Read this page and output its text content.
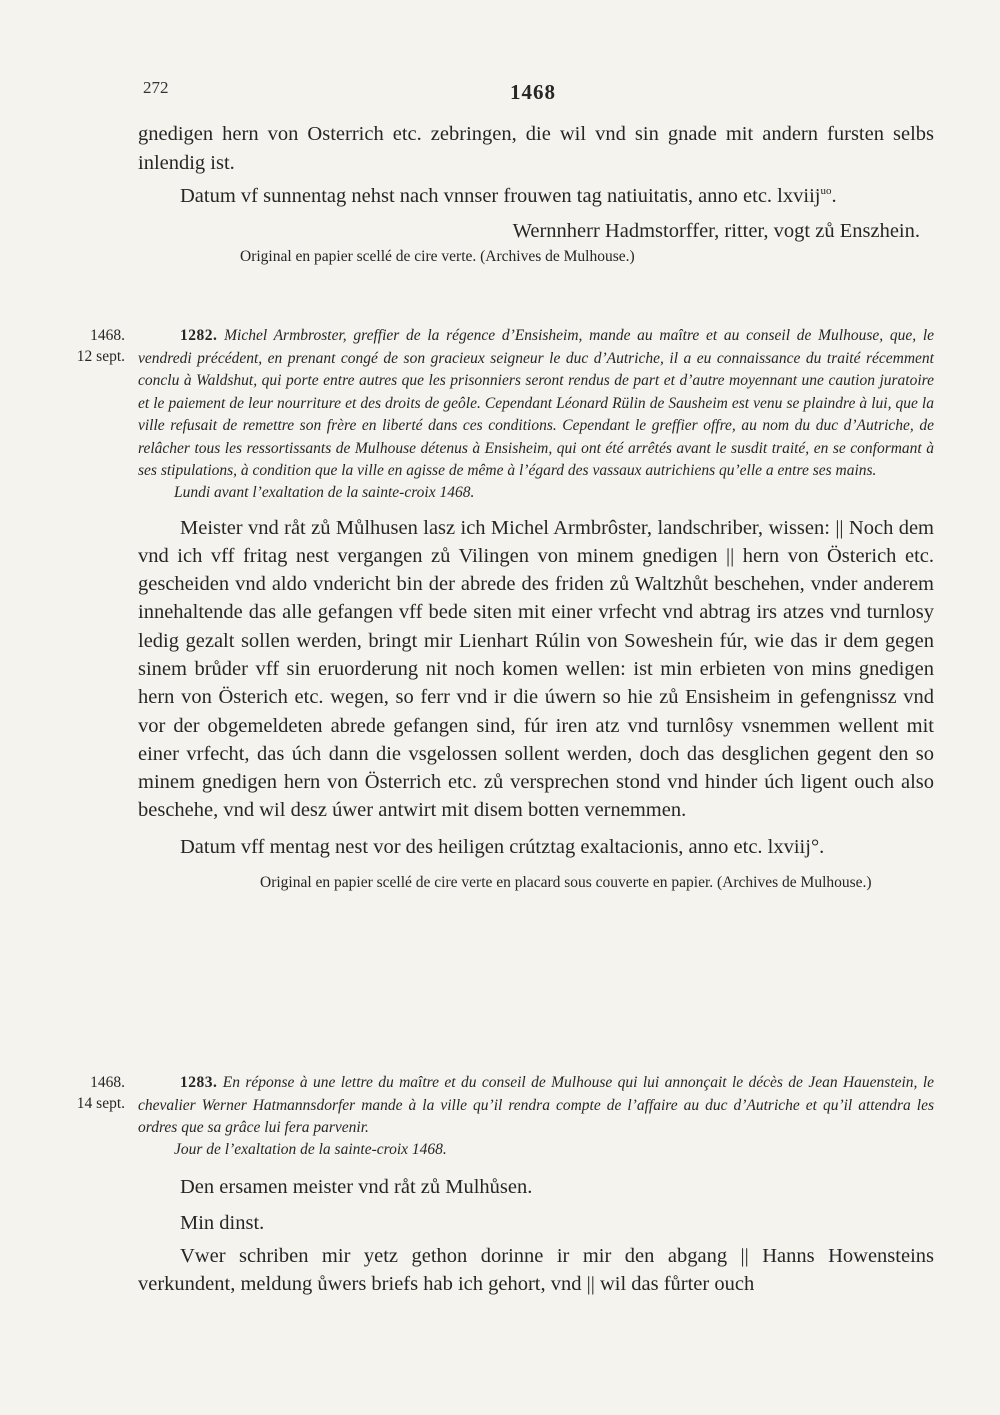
272	1468

gnedigen hern von Osterrich etc. zebringen, die wil vnd sin gnade mit andern fursten selbs inlendig ist.

Datum vf sunnentag nehst nach vnnser frouwen tag natiuitatis, anno etc. lxviij$^{uo}$.

Wernnherr Hadmstorffer, ritter, vogt zů Enszhein.

Original en papier scellé de cire verte. (Archives de Mulhouse.)

1468.
12 sept.

1282. Michel Armbroster, greffier de la régence d’Ensisheim, mande au maître et au conseil de Mulhouse, que, le vendredi précédent, en prenant congé de son gracieux seigneur le duc d’Autriche, il a eu connaissance du traité récemment conclu à Waldshut, qui porte entre autres que les prisonniers seront rendus de part et d’autre moyennant une caution juratoire et le paiement de leur nourriture et des droits de geôle. Cependant Léonard Rülin de Sausheim est venu se plaindre à lui, que la ville refusait de remettre son frère en liberté dans ces conditions. Cependant le greffier offre, au nom du duc d’Autriche, de relâcher tous les ressortissants de Mulhouse détenus à Ensisheim, qui ont été arrêtés avant le susdit traité, en se conformant à ses stipulations, à condition que la ville en agisse de même à l’égard des vassaux autrichiens qu’elle a entre ses mains.

Lundi avant l’exaltation de la sainte-croix 1468.

Meister vnd råt zů Můlhusen lasz ich Michel Armbrôster, landschriber, wissen: || Noch dem vnd ich vff fritag nest vergangen zů Vilingen von minem gnedigen || hern von Österich etc. gescheiden vnd aldo vndericht bin der abrede des friden zů Waltzhůt beschehen, vnder anderem innehaltende das alle gefangen vff bede siten mit einer vrfecht vnd abtrag irs atzes vnd turnlosy ledig gezalt sollen werden, bringt mir Lienhart Rúlin von Soweshein fúr, wie das ir dem gegen sinem brůder vff sin eruorderung nit noch komen wellen: ist min erbieten von mins gnedigen hern von Österich etc. wegen, so ferr vnd ir die úwern so hie zů Ensisheim in gefengnissz vnd vor der obgemeldeten abrede gefangen sind, fúr iren atz vnd turnlôsy vsnemmen wellent mit einer vrfecht, das úch dann die vsgelossen sollent werden, doch das desglichen gegent den so minem gnedigen hern von Österrich etc. zů versprechen stond vnd hinder úch ligent ouch also beschehe, vnd wil desz úwer antwirt mit disem botten vernemmen.

Datum vff mentag nest vor des heiligen crútztag exaltacionis, anno etc. lxviij°.

Original en papier scellé de cire verte en placard sous couverte en papier. (Archives de Mulhouse.)

1468.
14 sept.

1283. En réponse à une lettre du maître et du conseil de Mulhouse qui lui annonçait le décès de Jean Hauenstein, le chevalier Werner Hatmannsdorfer mande à la ville qu’il rendra compte de l’affaire au duc d’Autriche et qu’il attendra les ordres que sa grâce lui fera parvenir.

Jour de l’exaltation de la sainte-croix 1468.

Den ersamen meister vnd råt zů Mulhůsen.

Min dinst.

Vwer schriben mir yetz gethon dorinne ir mir den abgang || Hanns Howensteins verkundent, meldung ůwers briefs hab ich gehort, vnd || wil das fůrter ouch
